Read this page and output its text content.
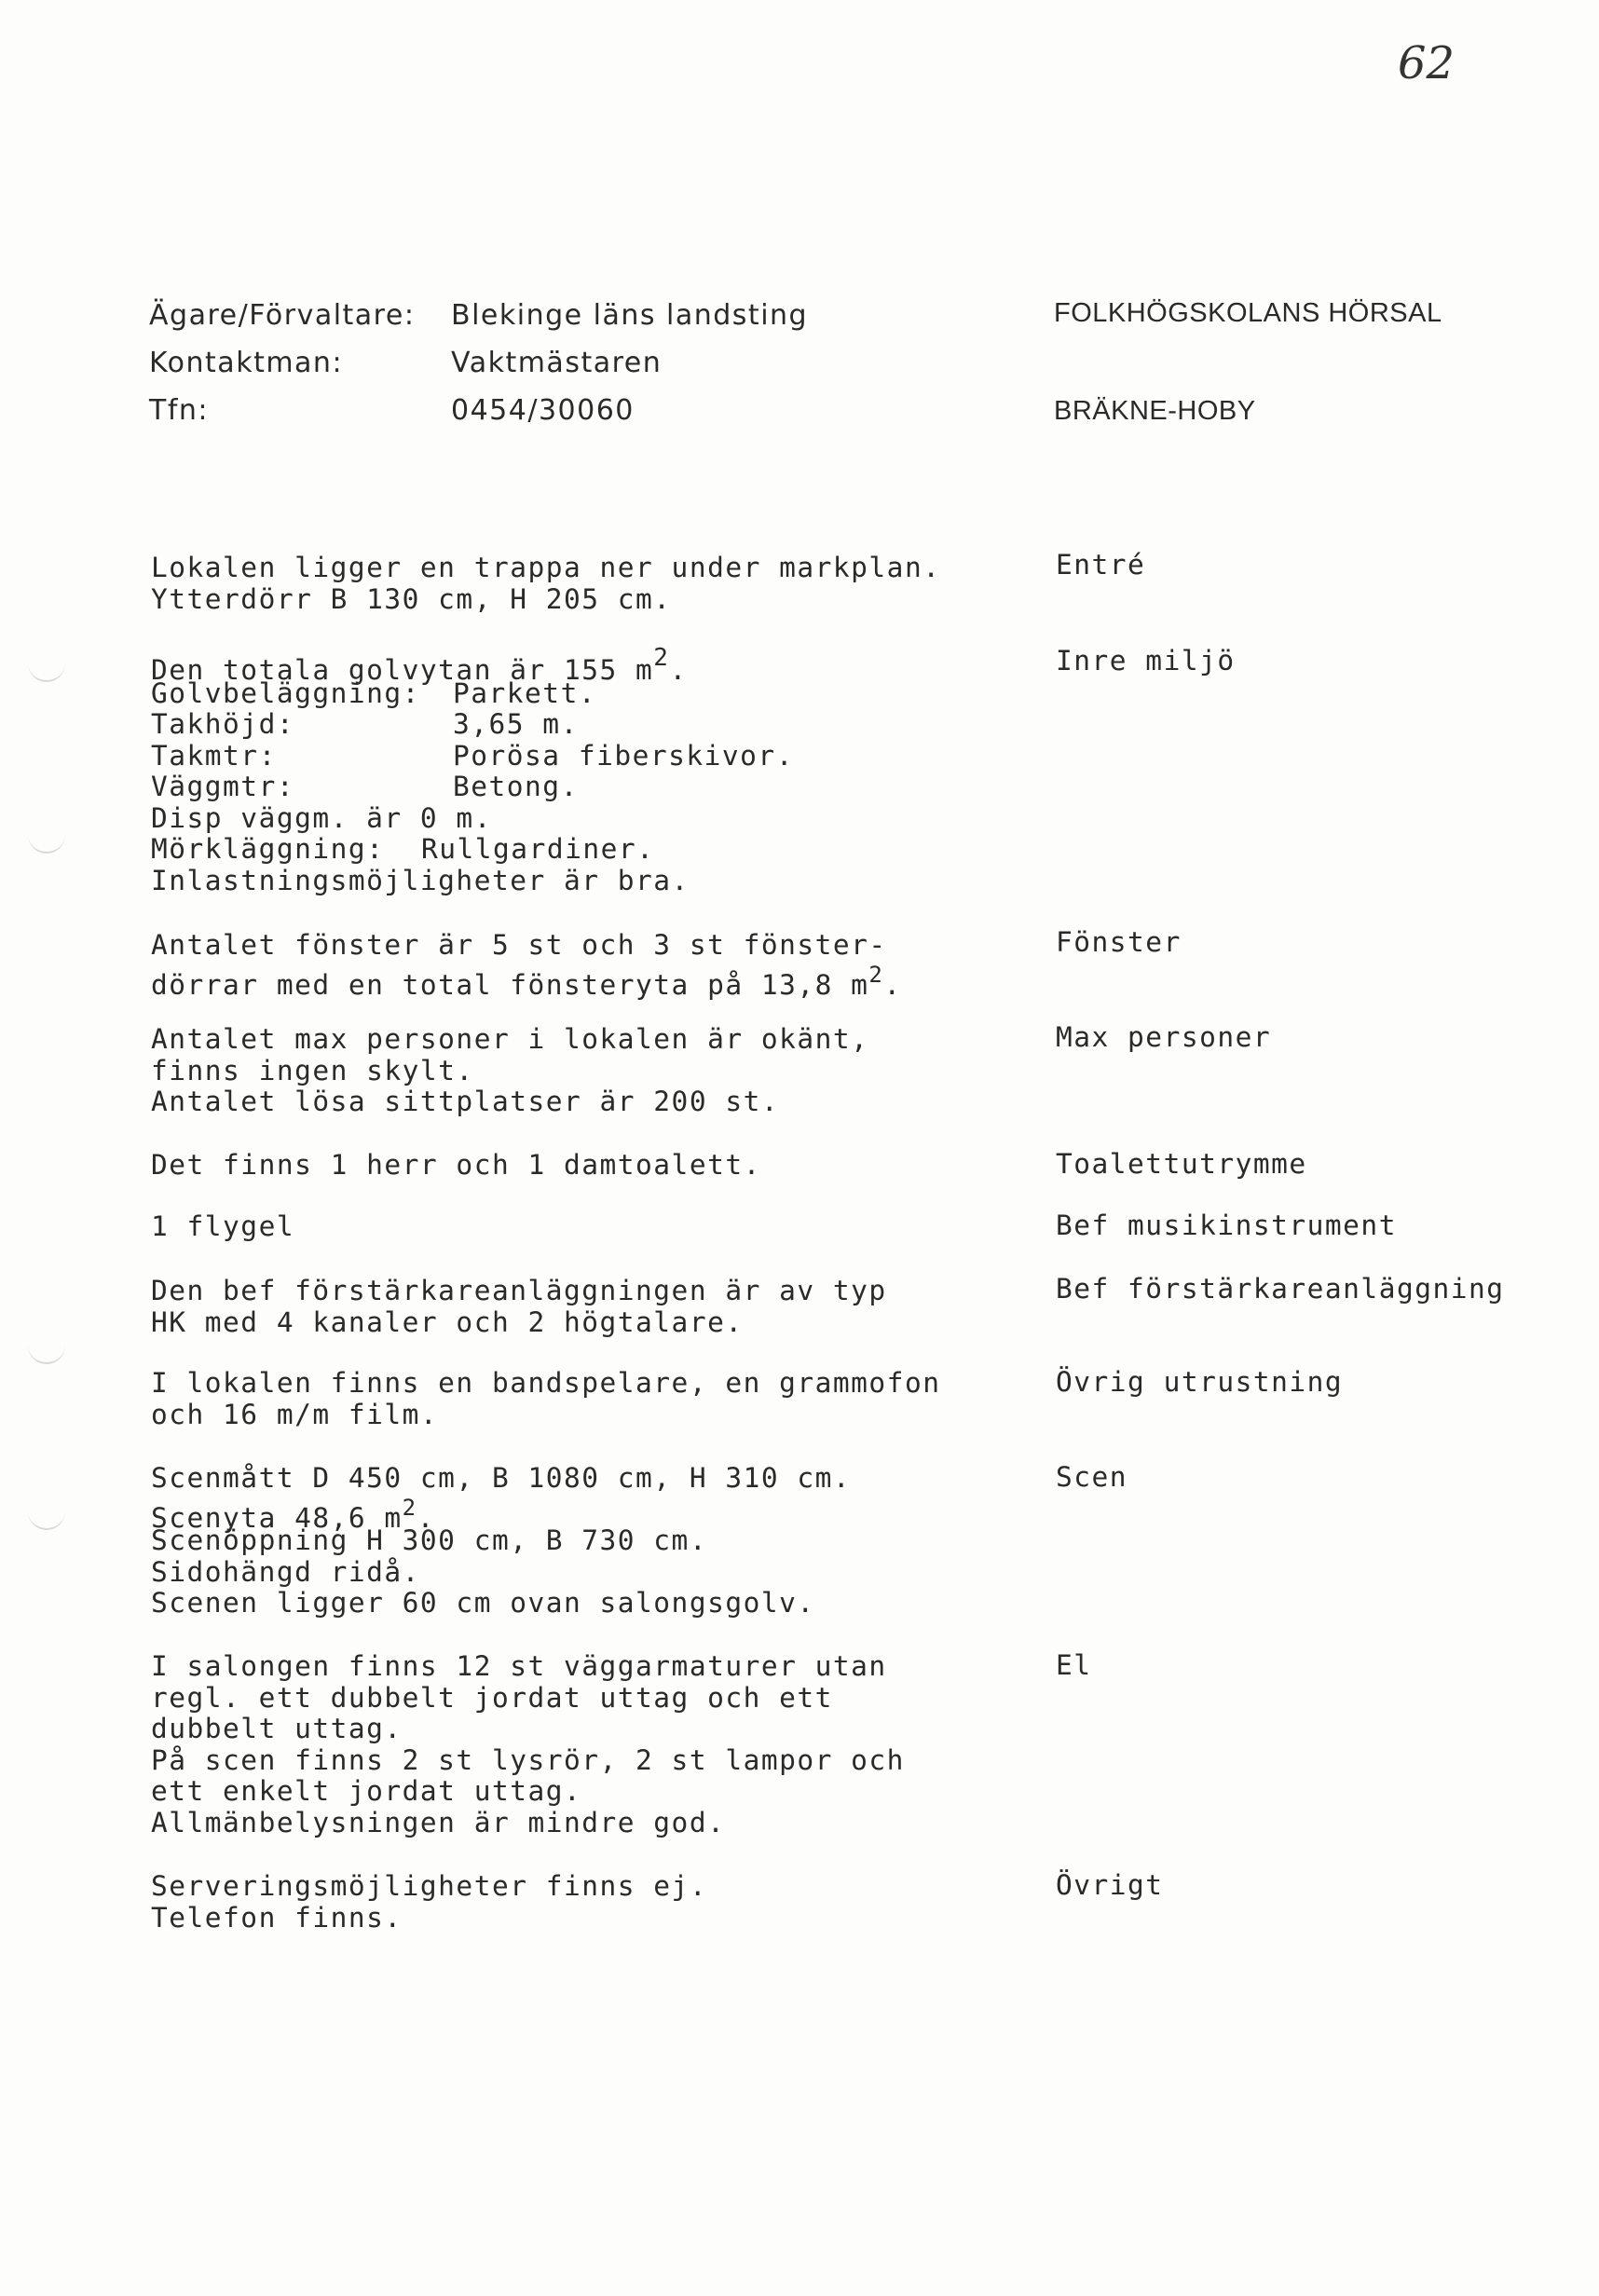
62
Ägare/Förvaltare: Blekinge läns landsting
Kontaktman:	Vaktmästaren
Tfn:	0454/30060
FOLKHÖGSKOLANS HÖRSAL
BRÄKNE-HOBY
Lokalen ligger en trappa ner under markplan.
Ytterdörr B 130 cm, H 205 cm.
Entré
Den totala golvytan är 155 $m^2$.
Golvbeläggning: Parkett.
Takhöjd:	3,65 m.
Takmtr:	Porösa fiberskivor.
Väggmtr:	Betong.
Disp väggm. är 0 m.
Mörkläggning: Rullgardiner.
Inlastningsmöjligheter är bra.
Inre miljö
Antalet fönster är 5 st och 3 st fönster-
dörrar med en total fönsteryta på 13,8 $m^2$.
Fönster
Antalet max personer i lokalen är okänt,
finns ingen skylt.
Antalet lösa sittplatser är 200 st.
Max personer
Det finns 1 herr och 1 damtoalett.	Toalettutrymme
1 flygel	Bef musikinstrument
Den bef förstärkareanläggningen är av typ
HK med 4 kanaler och 2 högtalare.
Bef förstärkareanläggning
I lokalen finns en bandspelare, en grammofon
och 16 m/m film.
Övrig utrustning
Scenmått D 450 cm, B 1080 cm, H 310 cm.
Scenyta 48,6 $m^2$.
Scenöppning H 300 cm, B 730 cm.
Sidohängd ridå.
Scenen ligger 60 cm ovan salongsgolv.
Scen
I salongen finns 12 st väggarmaturer utan
regl. ett dubbelt jordat uttag och ett
dubbelt uttag.
På scen finns 2 st lysrör, 2 st lampor och
ett enkelt jordat uttag.
Allmänbelysningen är mindre god.
El
Serveringsmöjligheter finns ej.
Telefon finns.
Övrigt
